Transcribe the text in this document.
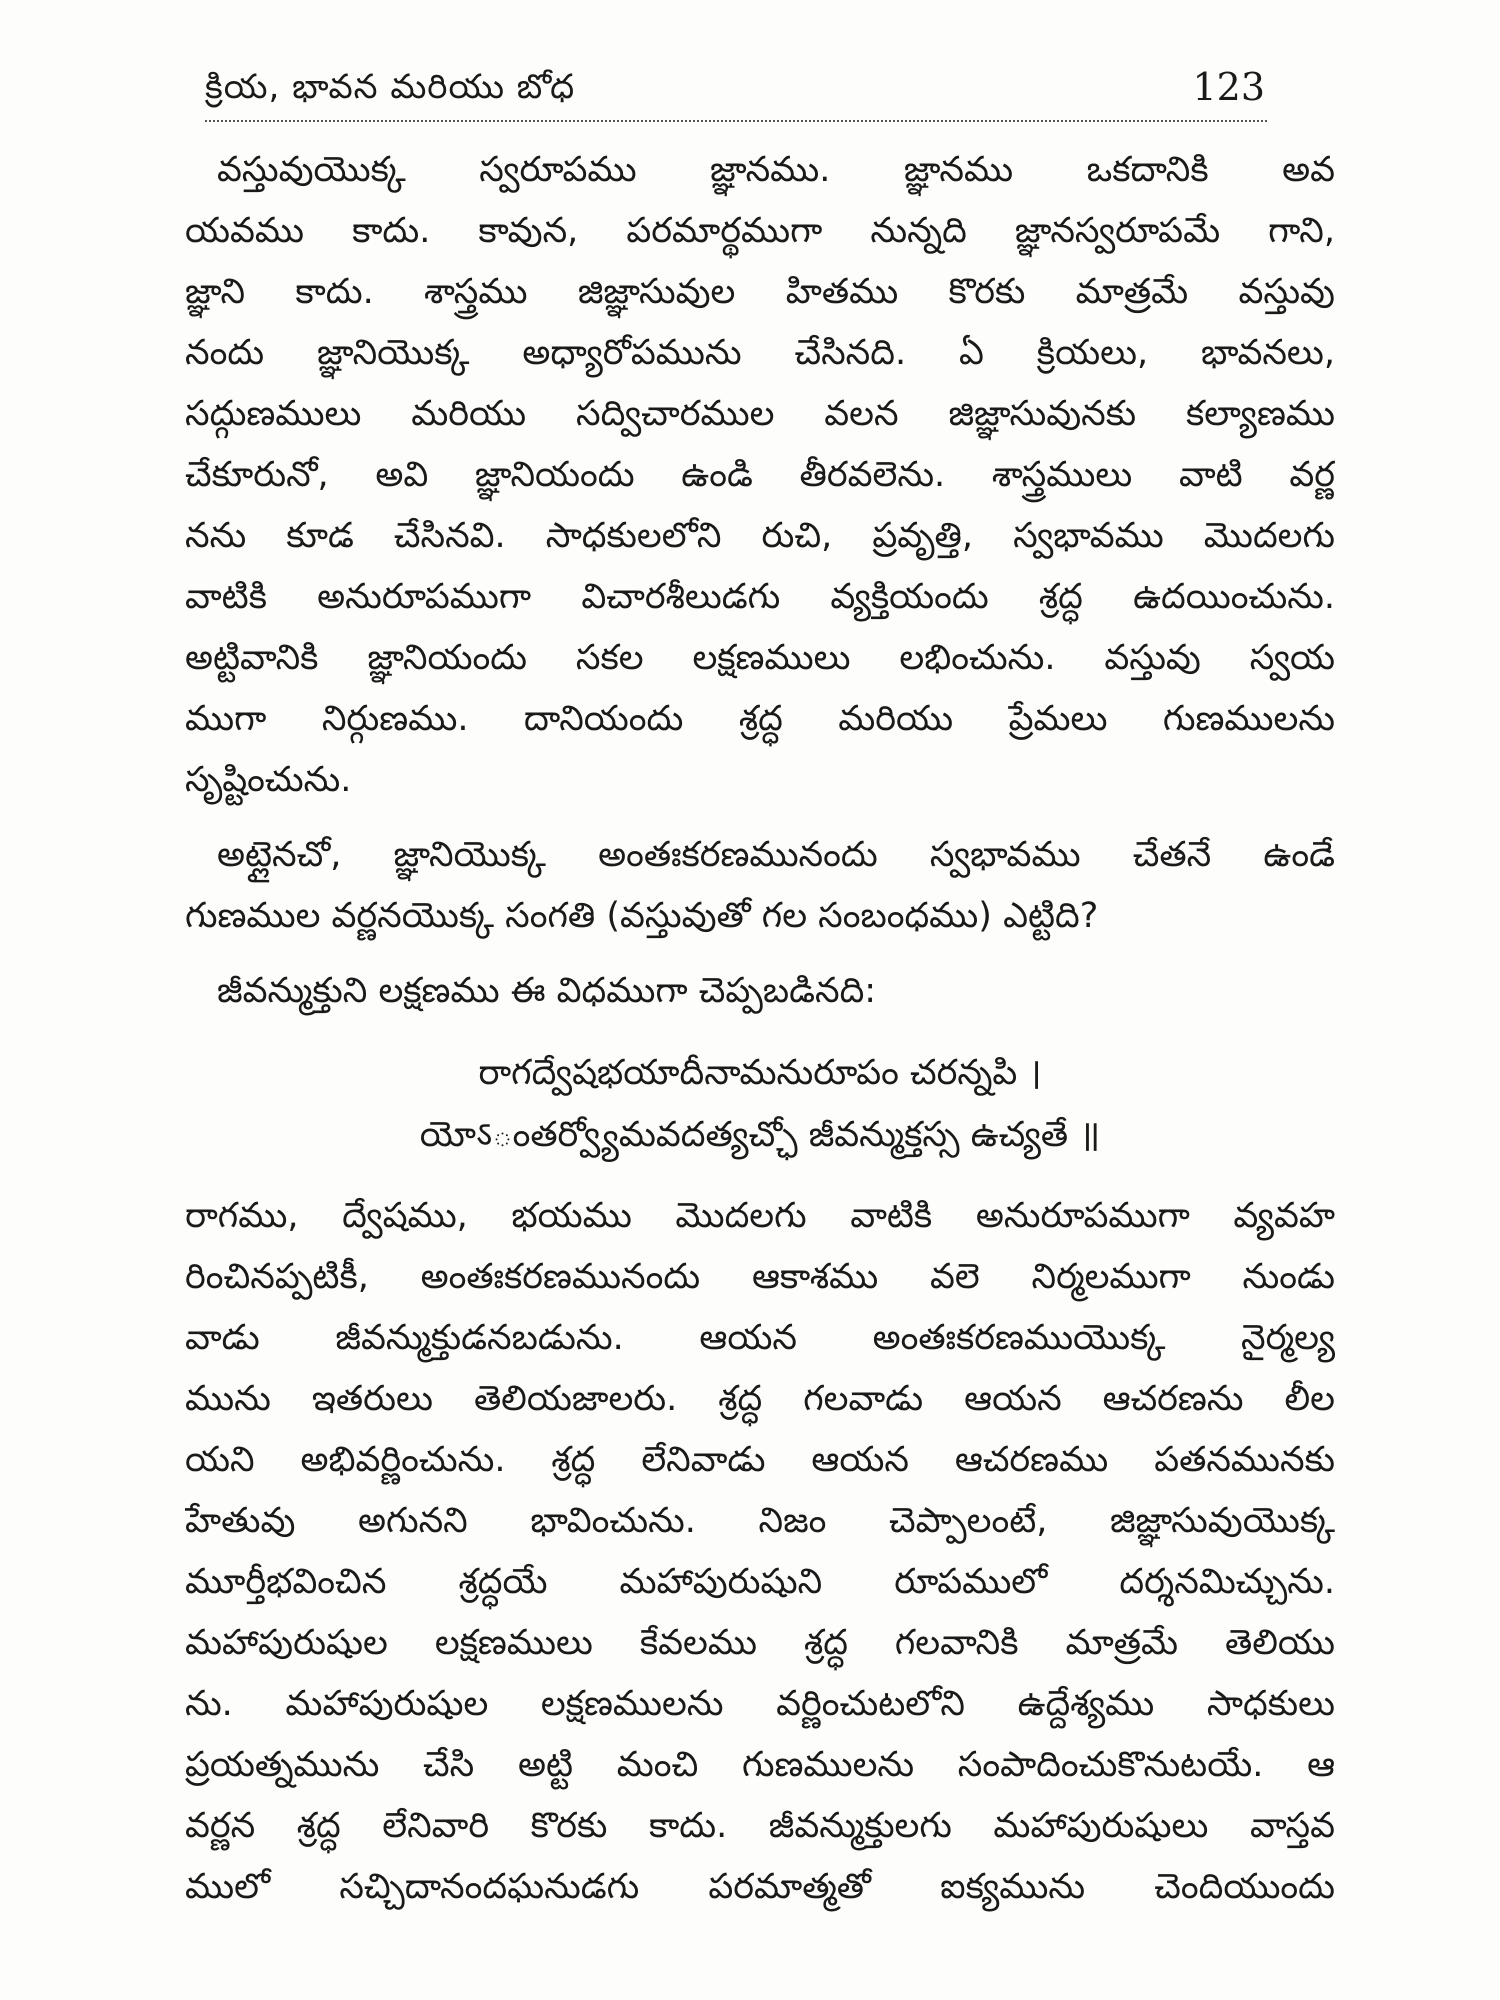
క్రియ, భావన మరియు బోధ	123

వస్తువుయొక్క స్వరూపము జ్ఞానము. జ్ఞానము ఒకదానికి అవ
యవము కాదు. కావున, పరమార్థముగా నున్నది జ్ఞానస్వరూపమే గాని,
జ్ఞాని కాదు. శాస్త్రము జిజ్ఞాసువుల హితము కొరకు మాత్రమే వస్తువు
నందు జ్ఞానియొక్క అధ్యారోపమును చేసినది. ఏ క్రియలు, భావనలు,
సద్గుణములు మరియు సద్విచారముల వలన జిజ్ఞాసువునకు కల్యాణము
చేకూరునో, అవి జ్ఞానియందు ఉండి తీరవలెను. శాస్త్రములు వాటి వర్ణ
నను కూడ చేసినవి. సాధకులలోని రుచి, ప్రవృత్తి, స్వభావము మొదలగు
వాటికి అనురూపముగా విచారశీలుడగు వ్యక్తియందు శ్రద్ధ ఉదయించును.
అట్టివానికి జ్ఞానియందు సకల లక్షణములు లభించును. వస్తువు స్వయ
ముగా నిర్గుణము. దానియందు శ్రద్ధ మరియు ప్రేమలు గుణములను
సృష్టించును.

అట్లైనచో, జ్ఞానియొక్క అంతఃకరణమునందు స్వభావము చేతనే ఉండే
గుణముల వర్ణనయొక్క సంగతి (వస్తువుతో గల సంబంధము) ఎట్టిది?

జీవన్ముక్తుని లక్షణము ఈ విధముగా చెప్పబడినది:

రాగద్వేషభయాదీనామనురూపం చరన్నపి ।
యోऽంతర్వ్యోమవదత్యచ్ఛో జీవన్ముక్తస్స ఉచ్యతే ॥

రాగము, ద్వేషము, భయము మొదలగు వాటికి అనురూపముగా వ్యవహ
రించినప్పటికీ, అంతఃకరణమునందు ఆకాశము వలె నిర్మలముగా నుండు
వాడు జీవన్ముక్తుడనబడును. ఆయన అంతఃకరణముయొక్క నైర్మల్య
మును ఇతరులు తెలియజాలరు. శ్రద్ధ గలవాడు ఆయన ఆచరణను లీల
యని అభివర్ణించును. శ్రద్ధ లేనివాడు ఆయన ఆచరణము పతనమునకు
హేతువు అగునని భావించును. నిజం చెప్పాలంటే, జిజ్ఞాసువుయొక్క
మూర్తీభవించిన శ్రద్ధయే మహాపురుషుని రూపములో దర్శనమిచ్చును.
మహాపురుషుల లక్షణములు కేవలము శ్రద్ధ గలవానికి మాత్రమే తెలియు
ను. మహాపురుషుల లక్షణములను వర్ణించుటలోని ఉద్దేశ్యము సాధకులు
ప్రయత్నమును చేసి అట్టి మంచి గుణములను సంపాదించుకొనుటయే. ఆ
వర్ణన శ్రద్ధ లేనివారి కొరకు కాదు. జీవన్ముక్తులగు మహాపురుషులు వాస్తవ
ములో సచ్చిదానందఘనుడగు పరమాత్మతో ఐక్యమును చెందియుందు
